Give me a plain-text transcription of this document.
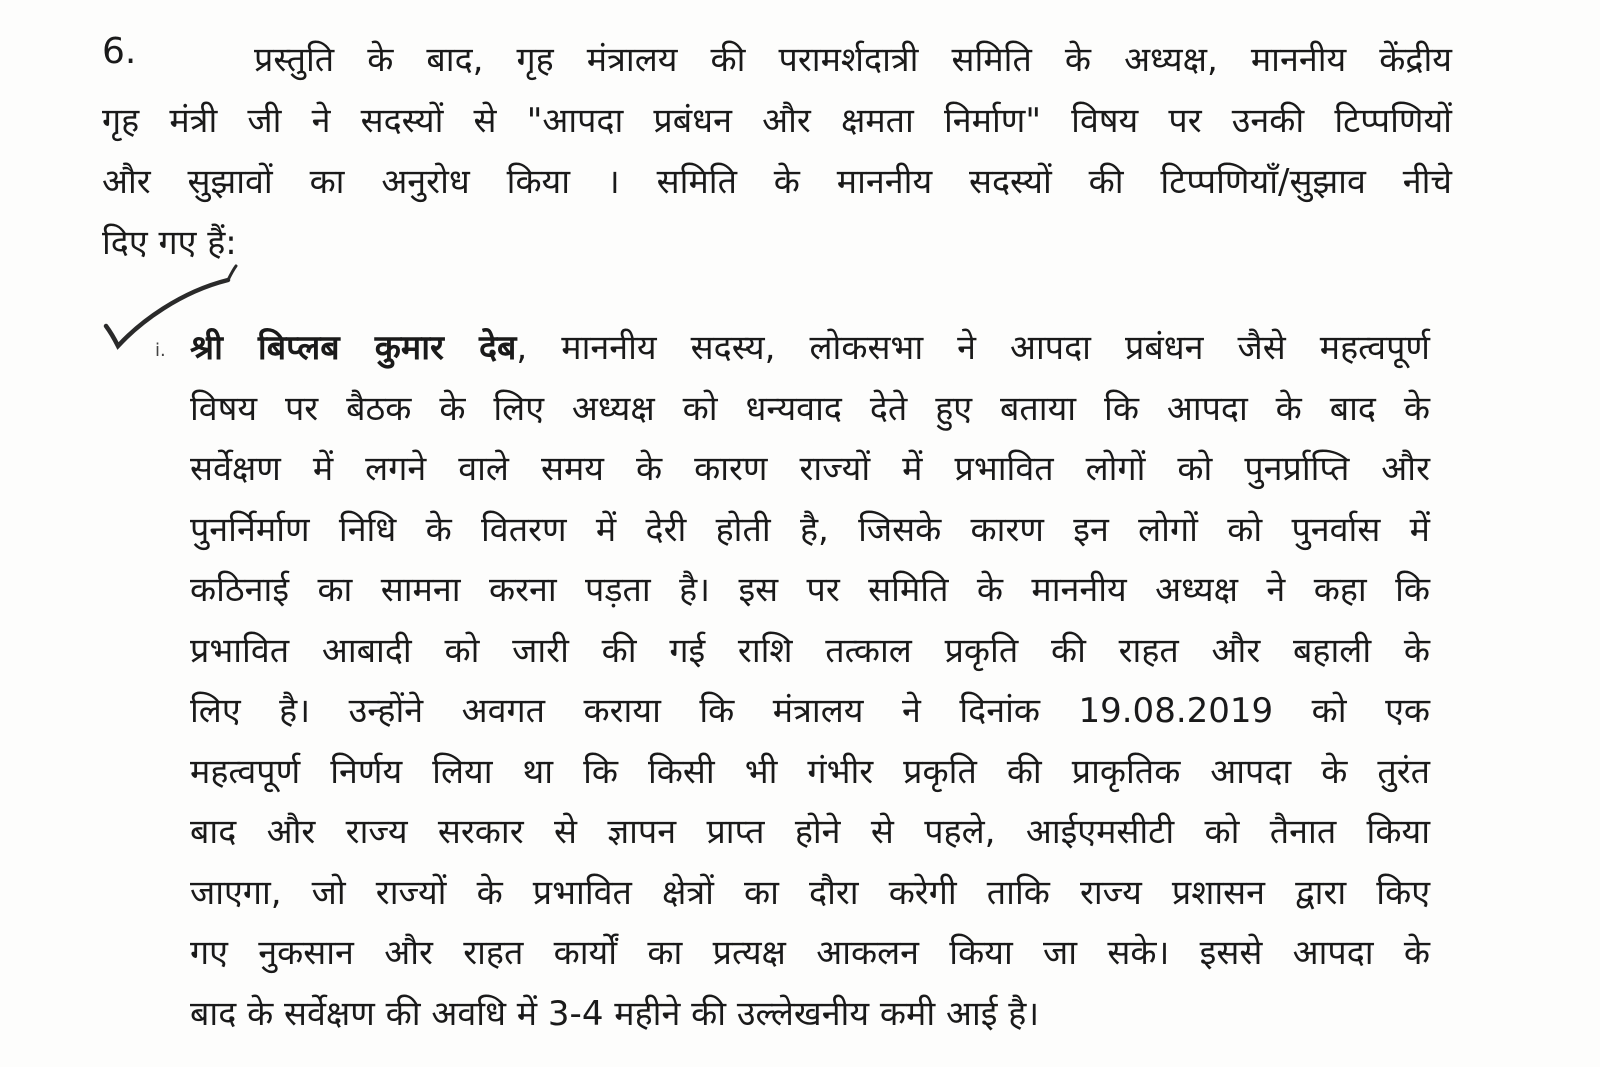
6.	प्रस्तुति के बाद, गृह मंत्रालय की परामर्शदात्री समिति के अध्यक्ष, माननीय केंद्रीय
गृह मंत्री जी ने सदस्यों से "आपदा प्रबंधन और क्षमता निर्माण" विषय पर उनकी टिप्पणियों
और सुझावों का अनुरोध किया । समिति के माननीय सदस्यों की टिप्पणियाँ/सुझाव नीचे
दिए गए हैं:
i. श्री बिप्लब कुमार देब, माननीय सदस्य, लोकसभा ने आपदा प्रबंधन जैसे महत्वपूर्ण
विषय पर बैठक के लिए अध्यक्ष को धन्यवाद देते हुए बताया कि आपदा के बाद के
सर्वेक्षण में लगने वाले समय के कारण राज्यों में प्रभावित लोगों को पुनर्प्राप्ति और
पुनर्निर्माण निधि के वितरण में देरी होती है, जिसके कारण इन लोगों को पुनर्वास में
कठिनाई का सामना करना पड़ता है। इस पर समिति के माननीय अध्यक्ष ने कहा कि
प्रभावित आबादी को जारी की गई राशि तत्काल प्रकृति की राहत और बहाली के
लिए है। उन्होंने अवगत कराया कि मंत्रालय ने दिनांक 19.08.2019 को एक
महत्वपूर्ण निर्णय लिया था कि किसी भी गंभीर प्रकृति की प्राकृतिक आपदा के तुरंत
बाद और राज्य सरकार से ज्ञापन प्राप्त होने से पहले, आईएमसीटी को तैनात किया
जाएगा, जो राज्यों के प्रभावित क्षेत्रों का दौरा करेगी ताकि राज्य प्रशासन द्वारा किए
गए नुकसान और राहत कार्यों का प्रत्यक्ष आकलन किया जा सके। इससे आपदा के
बाद के सर्वेक्षण की अवधि में 3-4 महीने की उल्लेखनीय कमी आई है।
